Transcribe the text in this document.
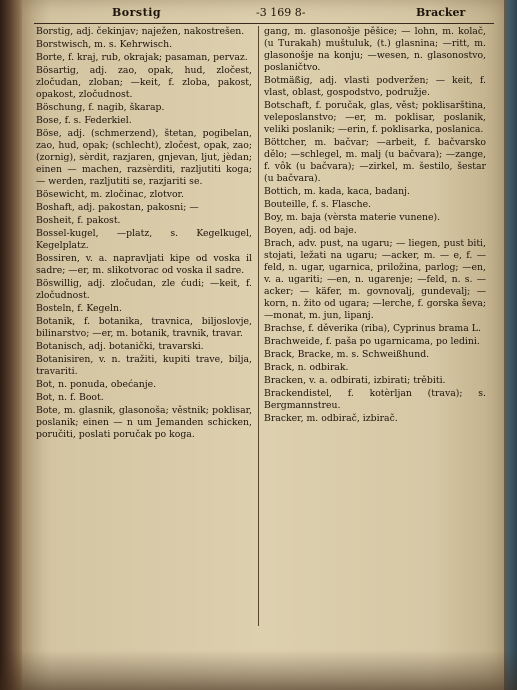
Borstig	-3 169 8-	Bracker

Borstig, adj. čekinjav; naježen, nakostrešen.

Borstwisch, m. s. Kehrwisch.

Borte, f. kraj, rub, okrajak; pasaman, pervaz.

Bösartig, adj. zao, opak, hud, zločest, zločudan, zloban; —keit, f. zloba, pakost, opakost, zločudnost.

Böschung, f. nagib, škarap.

Bose, f. s. Federkiel.

Böse, adj. (schmerzend), štetan, pogibelan, zao, hud, opak; (schlecht), zločest, opak, zao; (zornig), sèrdit, razjaren, gnjevan, ljut, jèdan; einen — machen, razsèrditi, razljutiti koga; — werden, razljutiti se, razjariti se.

Bösewicht, m. zločinac, zlotvor.

Boshaft, adj. pakostan, pakosni; —

Bosheit, f. pakost.

Bossel-kugel, —platz, s. Kegelkugel, Kegelplatz.

Bossiren, v. a. napravljati kipe od voska il sadre; —er, m. slikotvorac od voska il sadre.

Böswillig, adj. zločudan, zle ćudi; —keit, f. zločudnost.

Bosteln, f. Kegeln.

Botanik, f. botanika, travnica, biljoslovje, bilinarstvo; —er, m. botanik, travnik, travar.

Botanisch, adj. botanički, travarski.

Botanisiren, v. n. tražiti, kupiti trave, bilja, travariti.

Bot, n. ponuda, obećanje.

Bot, n. f. Boot.

Bote, m. glasnik, glasonoša; věstnik; poklisar, poslanik; einen — n um Jemanden schicken, poručiti, poslati poručak po koga.

gang, m. glasonošje pěšice; — lohn, m. kolač, (u Turakah) muštuluk, (t.) glasnina; —ritt, m. glasonošje na konju; —wesen, n. glasonostvo, poslaničtvo.

Botmäßig, adj. vlasti podveržen; — keit, f. vlast, oblast, gospodstvo, podružje.

Botschaft, f. poručak, glas, věst; poklisarština, veleposlanstvo; —er, m. poklisar, poslanik, veliki poslanik; —erin, f. poklisarka, poslanica.

Böttcher, m. bačvar; —arbeit, f. bačvarsko dělo; —schlegel, m. malj (u bačvara); —zange, f. vôk (u bačvara); —zirkel, m. šestilo, šestar (u bačvara).

Bottich, m. kada, kaca, badanj.

Bouteille, f. s. Flasche.

Boy, m. baja (vèrsta materie vunene).

Boyen, adj. od baje.

Brach, adv. pust, na ugaru; — liegen, pust biti, stojati, ležati na ugaru; —acker, m. — e, f. —feld, n. ugar, ugarnica, priložina, parlog; —en, v. a. ugariti; —en, n. ugarenje; —feld, n. s. —acker; — käfer, m. govnovalj, gundevalj; — korn, n. žito od ugara; —lerche, f. gorska ševa; —monat, m. jun, lipanj.

Brachse, f. děverika (riba), Cyprinus brama L.

Brachweide, f. paša po ugarnicama, po ledini.

Brack, Bracke, m. s. Schweißhund.

Brack, n. odbirak.

Bracken, v. a. odbirati, izbirati; trěbiti.

Brackendistel, f. kotèrljan (trava); s. Bergmannstreu.

Bracker, m. odbirač, izbirač.
